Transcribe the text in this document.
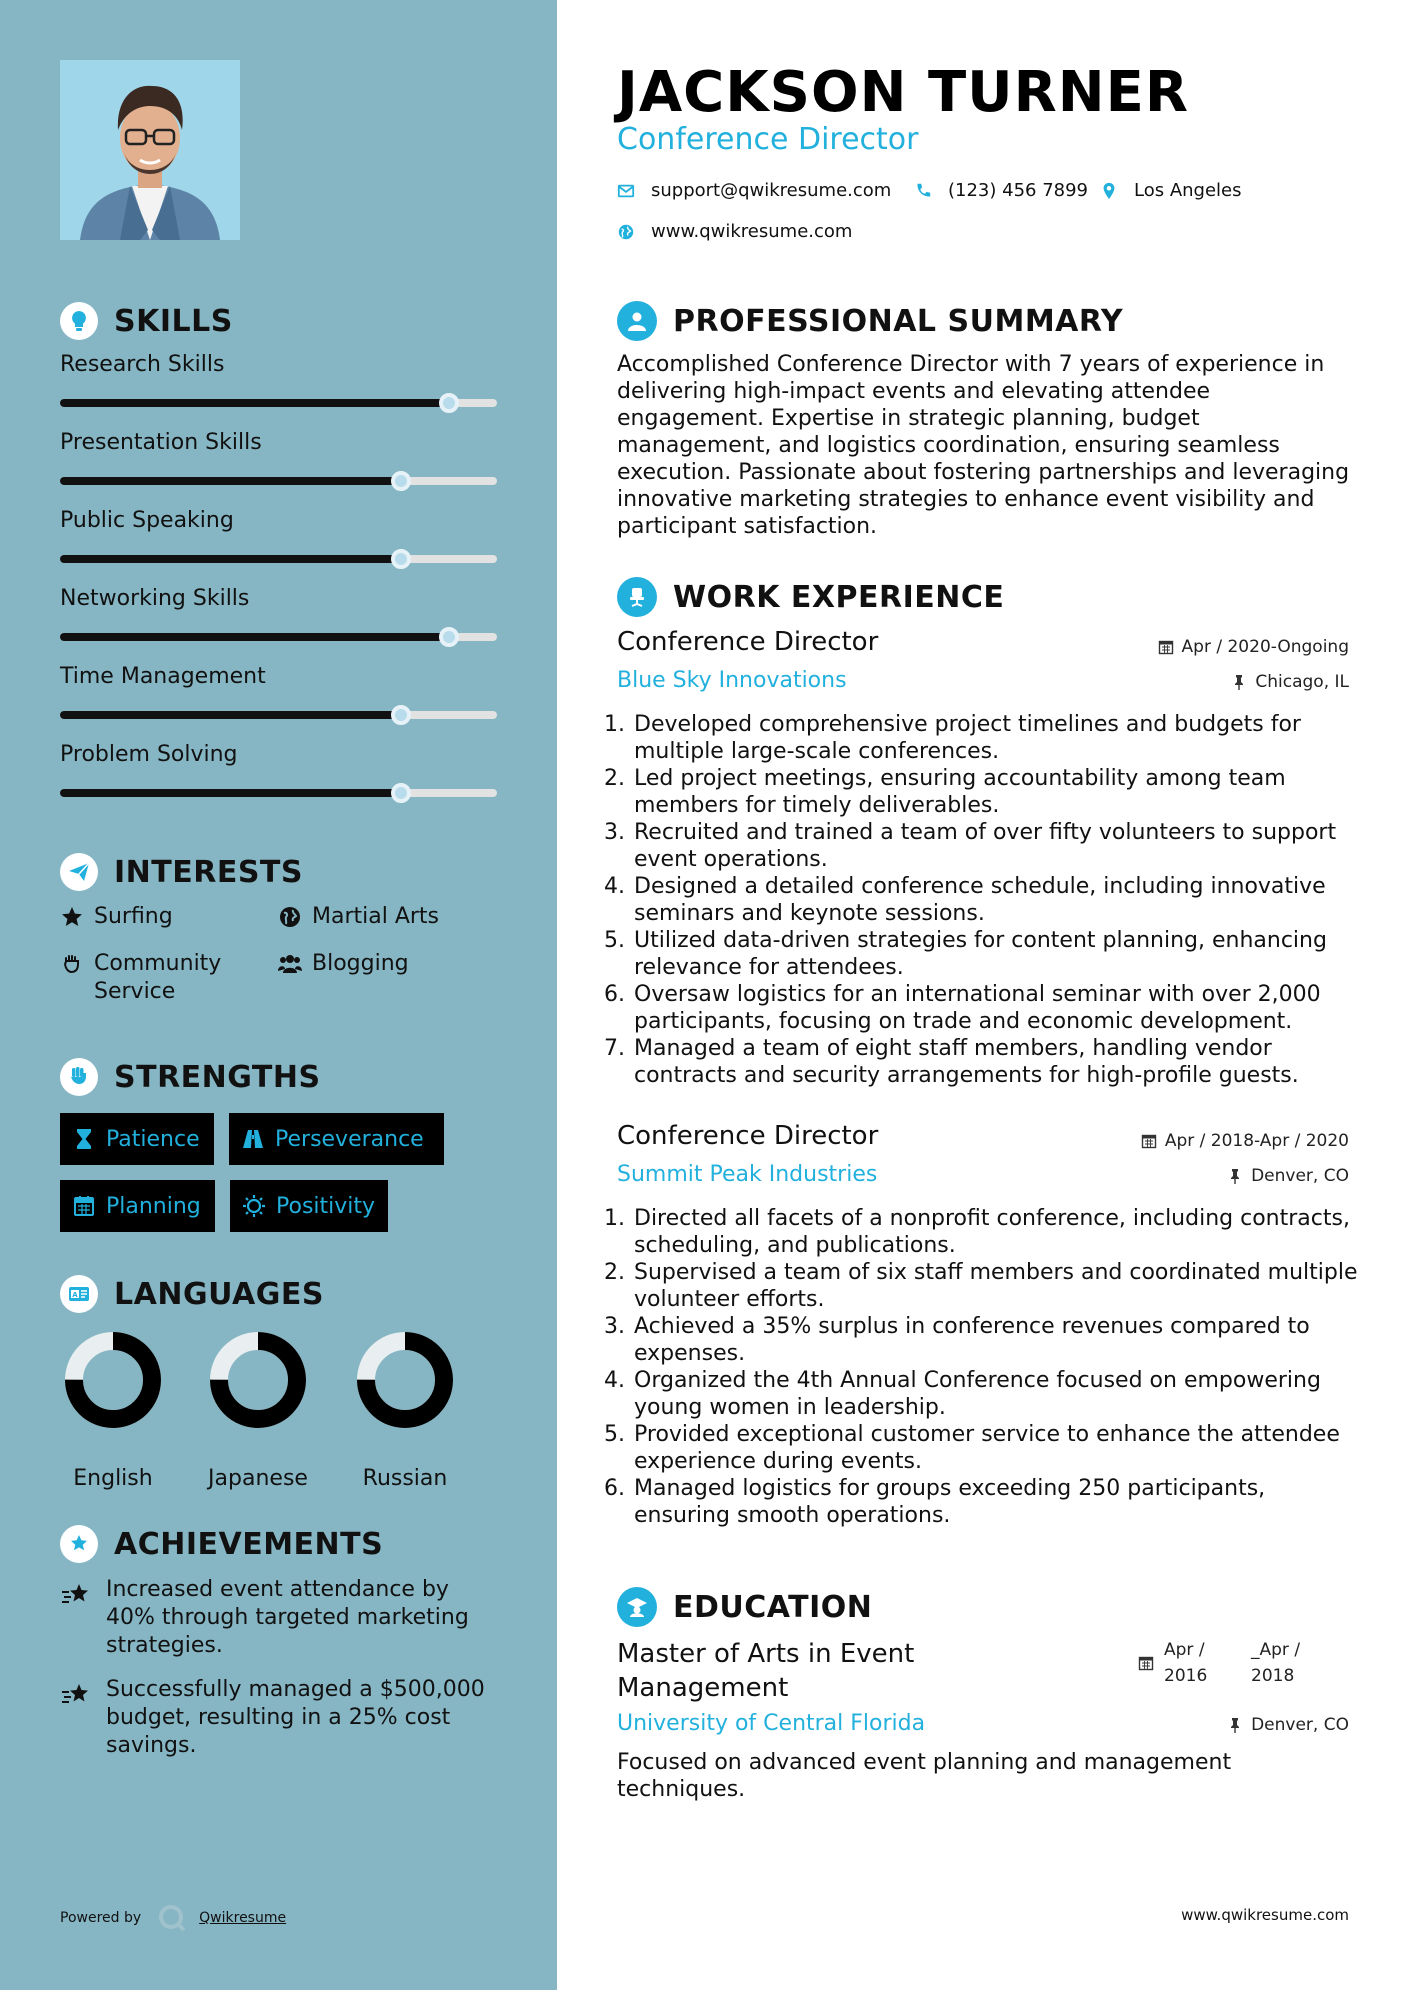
SKILLS
Research Skills
Presentation Skills
Public Speaking
Networking Skills
Time Management
Problem Solving
INTERESTS
Surfing	Martial Arts
Community Service
Blogging
STRENGTHS
Patience	Perseverance
Planning	Positivity
A LANGUAGES
English	Japanese	Russian
ACHIEVEMENTS
Increased event attendance by 40% through targeted marketing strategies.
Successfully managed a $500,000 budget, resulting in a 25% cost savings.
Powered by	Qwikresume
JACKSON TURNER
Conference Director
support@qwikresume.com	(123) 456 7899	Los Angeles
www.qwikresume.com
PROFESSIONAL SUMMARY

Accomplished Conference Director with 7 years of experience in delivering high-impact events and elevating attendee engagement. Expertise in strategic planning, budget management, and logistics coordination, ensuring seamless execution. Passionate about fostering partnerships and leveraging innovative marketing strategies to enhance event visibility and participant satisfaction.

WORK EXPERIENCE
Conference Director	Apr / 2020-Ongoing
Blue Sky Innovations	Chicago, IL
1. Developed comprehensive project timelines and budgets for multiple large-scale conferences.
2. Led project meetings, ensuring accountability among team members for timely deliverables.
3. Recruited and trained a team of over fifty volunteers to support event operations.
4. Designed a detailed conference schedule, including innovative seminars and keynote sessions.
5. Utilized data-driven strategies for content planning, enhancing relevance for attendees.
6. Oversaw logistics for an international seminar with over 2,000 participants, focusing on trade and economic development.
7. Managed a team of eight staff members, handling vendor contracts and security arrangements for high-profile guests.
Conference Director	Apr / 2018-Apr / 2020
Summit Peak Industries	Denver, CO
1. Directed all facets of a nonprofit conference, including contracts, scheduling, and publications.
2. Supervised a team of six staff members and coordinated multiple volunteer efforts.
3. Achieved a 35% surplus in conference revenues compared to expenses.
4. Organized the 4th Annual Conference focused on empowering young women in leadership.
5. Provided exceptional customer service to enhance the attendee experience during events.
6. Managed logistics for groups exceeding 250 participants, ensuring smooth operations.
EDUCATION
Master of Arts in Event Management
Apr / 2016
_Apr / 2018
University of Central Florida	Denver, CO

Focused on advanced event planning and management techniques.

www.qwikresume.com
